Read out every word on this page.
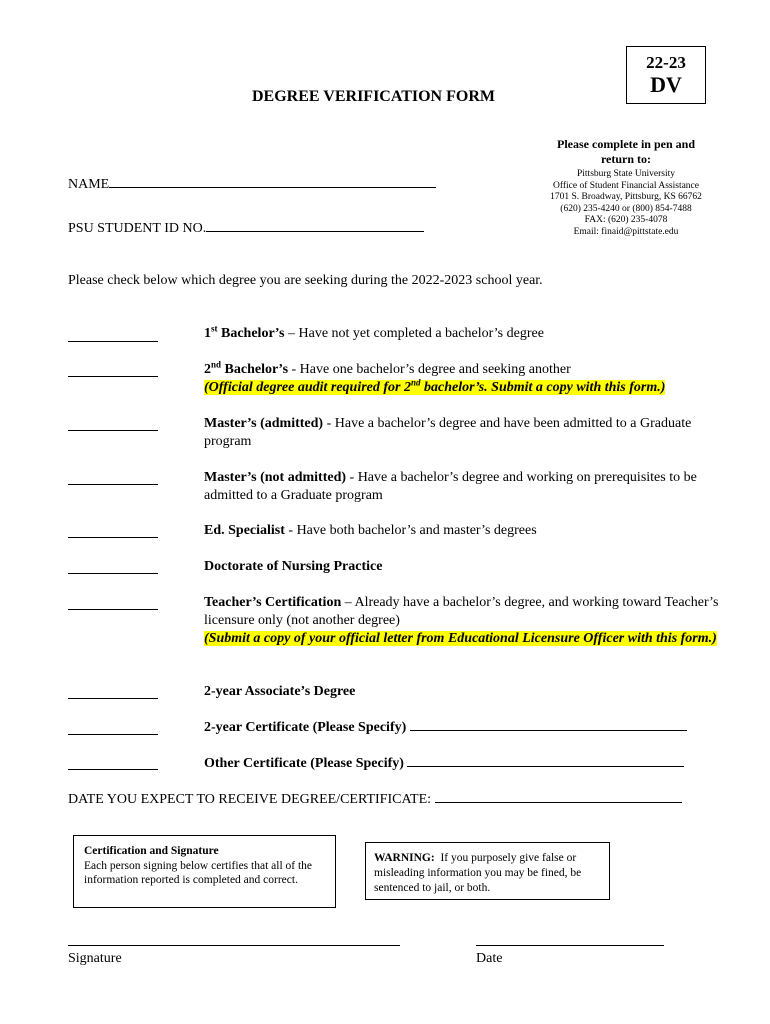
22-23
DV
DEGREE VERIFICATION FORM
Please complete in pen and return to:
Pittsburg State University
Office of Student Financial Assistance
1701 S. Broadway, Pittsburg, KS 66762
(620) 235-4240 or (800) 854-7488
FAX: (620) 235-4078
Email: finaid@pittstate.edu
NAME
PSU STUDENT ID NO.
Please check below which degree you are seeking during the 2022-2023 school year.
1st Bachelor’s – Have not yet completed a bachelor’s degree
2nd Bachelor’s - Have one bachelor’s degree and seeking another
(Official degree audit required for 2nd bachelor’s. Submit a copy with this form.)
Master’s (admitted) - Have a bachelor’s degree and have been admitted to a Graduate program
Master’s (not admitted) - Have a bachelor’s degree and working on prerequisites to be admitted to a Graduate program
Ed. Specialist - Have both bachelor’s and master’s degrees
Doctorate of Nursing Practice
Teacher’s Certification – Already have a bachelor’s degree, and working toward Teacher’s licensure only (not another degree)
(Submit a copy of your official letter from Educational Licensure Officer with this form.)
2-year Associate’s Degree
2-year Certificate (Please Specify)
Other Certificate (Please Specify)
DATE YOU EXPECT TO RECEIVE DEGREE/CERTIFICATE:
Certification and Signature
Each person signing below certifies that all of the information reported is completed and correct.
WARNING:  If you purposely give false or misleading information you may be fined, be sentenced to jail, or both.
Signature	Date
